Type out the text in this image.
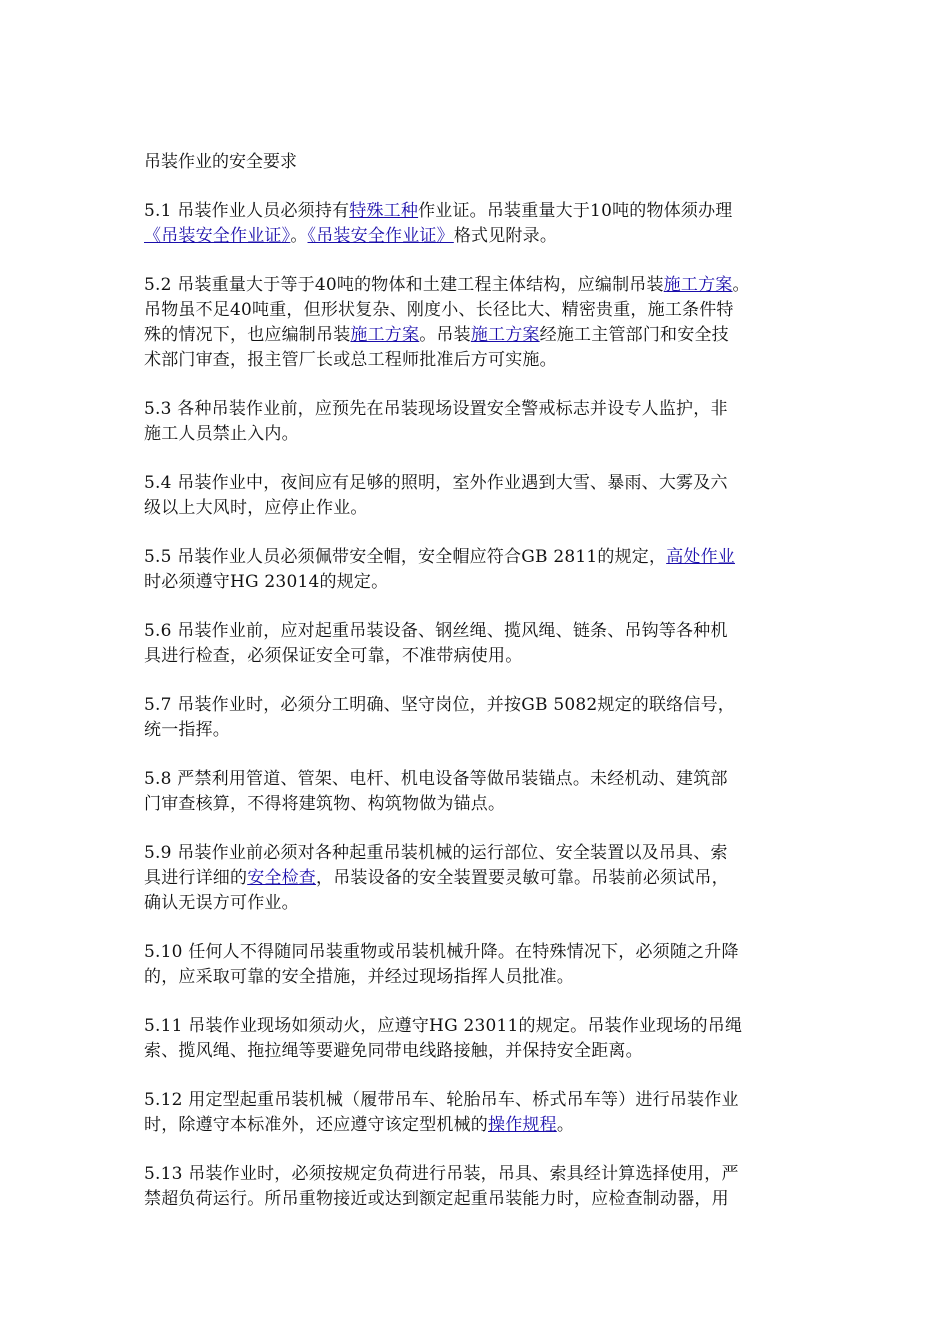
吊装作业的安全要求
5.1 吊装作业人员必须持有特殊工种作业证。吊装重量大于10吨的物体须办理
《吊装安全作业证》。《吊装安全作业证》格式见附录。
5.2 吊装重量大于等于40吨的物体和土建工程主体结构，应编制吊装施工方案。
吊物虽不足40吨重，但形状复杂、刚度小、长径比大、精密贵重，施工条件特
殊的情况下，也应编制吊装施工方案。吊装施工方案经施工主管部门和安全技
术部门审查，报主管厂长或总工程师批准后方可实施。
5.3 各种吊装作业前，应预先在吊装现场设置安全警戒标志并设专人监护，非
施工人员禁止入内。
5.4 吊装作业中，夜间应有足够的照明，室外作业遇到大雪、暴雨、大雾及六
级以上大风时，应停止作业。
5.5 吊装作业人员必须佩带安全帽，安全帽应符合GB 2811的规定，高处作业
时必须遵守HG 23014的规定。
5.6 吊装作业前，应对起重吊装设备、钢丝绳、揽风绳、链条、吊钩等各种机
具进行检查，必须保证安全可靠，不准带病使用。
5.7 吊装作业时，必须分工明确、坚守岗位，并按GB 5082规定的联络信号，
统一指挥。
5.8 严禁利用管道、管架、电杆、机电设备等做吊装锚点。未经机动、建筑部
门审查核算，不得将建筑物、构筑物做为锚点。
5.9 吊装作业前必须对各种起重吊装机械的运行部位、安全装置以及吊具、索
具进行详细的安全检查，吊装设备的安全装置要灵敏可靠。吊装前必须试吊，
确认无误方可作业。
5.10 任何人不得随同吊装重物或吊装机械升降。在特殊情况下，必须随之升降
的，应采取可靠的安全措施，并经过现场指挥人员批准。
5.11 吊装作业现场如须动火，应遵守HG 23011的规定。吊装作业现场的吊绳
索、揽风绳、拖拉绳等要避免同带电线路接触，并保持安全距离。
5.12 用定型起重吊装机械（履带吊车、轮胎吊车、桥式吊车等）进行吊装作业
时，除遵守本标准外，还应遵守该定型机械的操作规程。
5.13 吊装作业时，必须按规定负荷进行吊装，吊具、索具经计算选择使用，严
禁超负荷运行。所吊重物接近或达到额定起重吊装能力时，应检查制动器，用
